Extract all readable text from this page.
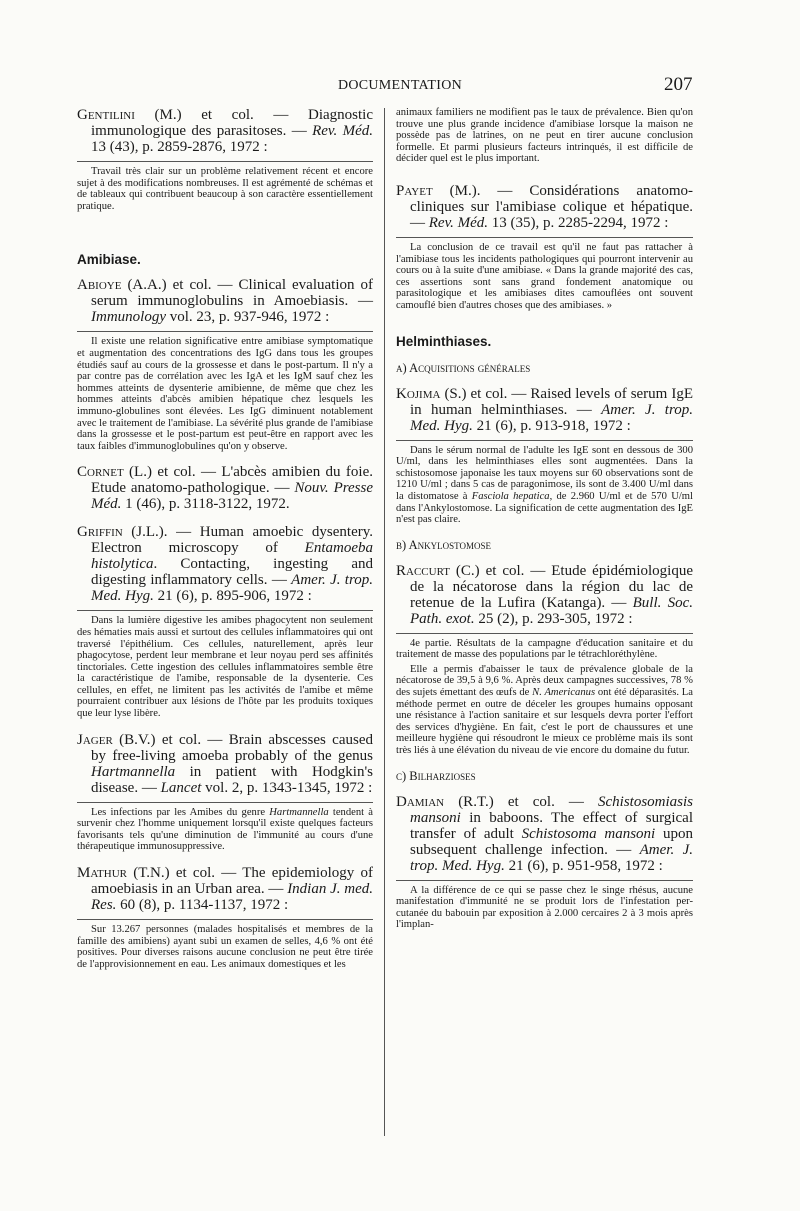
DOCUMENTATION	207

Gentilini (M.) et col. — Diagnostic immunologique des parasitoses. — Rev. Méd. 13 (43), p. 2859-2876, 1972 :

Travail très clair sur un problème relativement récent et encore sujet à des modifications nombreuses. Il est agrémenté de schémas et de tableaux qui contribuent beaucoup à son caractère essentiellement pratique.

Amibiase.

Abioye (A.A.) et col. — Clinical evaluation of serum immunoglobulins in Amoebiasis. — Immunology vol. 23, p. 937-946, 1972 :

Il existe une relation significative entre amibiase symptomatique et augmentation des concentrations des IgG dans tous les groupes étudiés sauf au cours de la grossesse et dans le post-partum. Il n'y a par contre pas de corrélation avec les IgA et les IgM sauf chez les hommes atteints de dysenterie amibienne, de même que chez les hommes atteints d'abcès amibien hépatique chez lesquels les immuno-globulines sont élevées. Les IgG diminuent notablement avec le traitement de l'amibiase. La sévérité plus grande de l'amibiase dans la grossesse et le post-partum est peut-être en rapport avec les taux faibles d'immunoglobulines qu'on y observe.

Cornet (L.) et col. — L'abcès amibien du foie. Etude anatomo-pathologique. — Nouv. Presse Méd. 1 (46), p. 3118-3122, 1972.

Griffin (J.L.). — Human amoebic dysentery. Electron microscopy of Entamoeba histolytica. Contacting, ingesting and digesting inflammatory cells. — Amer. J. trop. Med. Hyg. 21 (6), p. 895-906, 1972 :

Dans la lumière digestive les amibes phagocytent non seulement des hématies mais aussi et surtout des cellules inflammatoires qui ont traversé l'épithélium. Ces cellules, naturellement, après leur phagocytose, perdent leur membrane et leur noyau perd ses affinités tinctoriales. Cette ingestion des cellules inflammatoires semble être la caractéristique de l'amibe, responsable de la dysenterie. Ces cellules, en effet, ne limitent pas les activités de l'amibe et même pourraient contribuer aux lésions de l'hôte par les produits toxiques que leur lyse libère.

Jager (B.V.) et col. — Brain abscesses caused by free-living amoeba probably of the genus Hartmannella in patient with Hodgkin's disease. — Lancet vol. 2, p. 1343-1345, 1972 :

Les infections par les Amibes du genre Hartmannella tendent à survenir chez l'homme uniquement lorsqu'il existe quelques facteurs favorisants tels qu'une diminution de l'immunité au cours d'une thérapeutique immunosuppressive.

Mathur (T.N.) et col. — The epidemiology of amoebiasis in an Urban area. — Indian J. med. Res. 60 (8), p. 1134-1137, 1972 :

Sur 13.267 personnes (malades hospitalisés et membres de la famille des amibiens) ayant subi un examen de selles, 4,6 % ont été positives. Pour diverses raisons aucune conclusion ne peut être tirée de l'approvisionnement en eau. Les animaux domestiques et les

animaux familiers ne modifient pas le taux de prévalence. Bien qu'on trouve une plus grande incidence d'amibiase lorsque la maison ne possède pas de latrines, on ne peut en tirer aucune conclusion formelle. Et parmi plusieurs facteurs intrinqués, il est difficile de décider quel est le plus important.

Payet (M.). — Considérations anatomo-cliniques sur l'amibiase colique et hépatique. — Rev. Méd. 13 (35), p. 2285-2294, 1972 :

La conclusion de ce travail est qu'il ne faut pas rattacher à l'amibiase tous les incidents pathologiques qui pourront intervenir au cours ou à la suite d'une amibiase. « Dans la grande majorité des cas, ces assertions sont sans grand fondement anatomique ou parasitologique et les amibiases dites camouflées ont souvent camouflé bien d'autres choses que des amibiases. »

Helminthiases.
a) Acquisitions générales

Kojima (S.) et col. — Raised levels of serum IgE in human helminthiases. — Amer. J. trop. Med. Hyg. 21 (6), p. 913-918, 1972 :

Dans le sérum normal de l'adulte les IgE sont en dessous de 300 U/ml, dans les helminthiases elles sont augmentées. Dans la schistosomose japonaise les taux moyens sur 60 observations sont de 1210 U/ml ; dans 5 cas de paragonimose, ils sont de 3.400 U/ml dans la distomatose à Fasciola hepatica, de 2.960 U/ml et de 570 U/ml dans l'Ankylostomose. La signification de cette augmentation des IgE n'est pas claire.

b) Ankylostomose

Raccurt (C.) et col. — Etude épidémiologique de la nécatorose dans la région du lac de retenue de la Lufira (Katanga). — Bull. Soc. Path. exot. 25 (2), p. 293-305, 1972 :

4e partie. Résultats de la campagne d'éducation sanitaire et du traitement de masse des populations par le tétrachloréthylène.

Elle a permis d'abaisser le taux de prévalence globale de la nécatorose de 39,5 à 9,6 %. Après deux campagnes successives, 78 % des sujets émettant des œufs de N. Americanus ont été déparasités. La méthode permet en outre de déceler les groupes humains opposant une résistance à l'action sanitaire et sur lesquels devra porter l'effort des services d'hygiène. En fait, c'est le port de chaussures et une meilleure hygiène qui résoudront le mieux ce problème mais ils sont très liés à une élévation du niveau de vie encore du domaine du futur.

c) Bilharzioses

Damian (R.T.) et col. — Schistosomiasis mansoni in baboons. The effect of surgical transfer of adult Schistosoma mansoni upon subsequent challenge infection. — Amer. J. trop. Med. Hyg. 21 (6), p. 951-958, 1972 :

A la différence de ce qui se passe chez le singe rhésus, aucune manifestation d'immunité ne se produit lors de l'infestation per-cutanée du babouin par exposition à 2.000 cercaires 2 à 3 mois après l'implan-
